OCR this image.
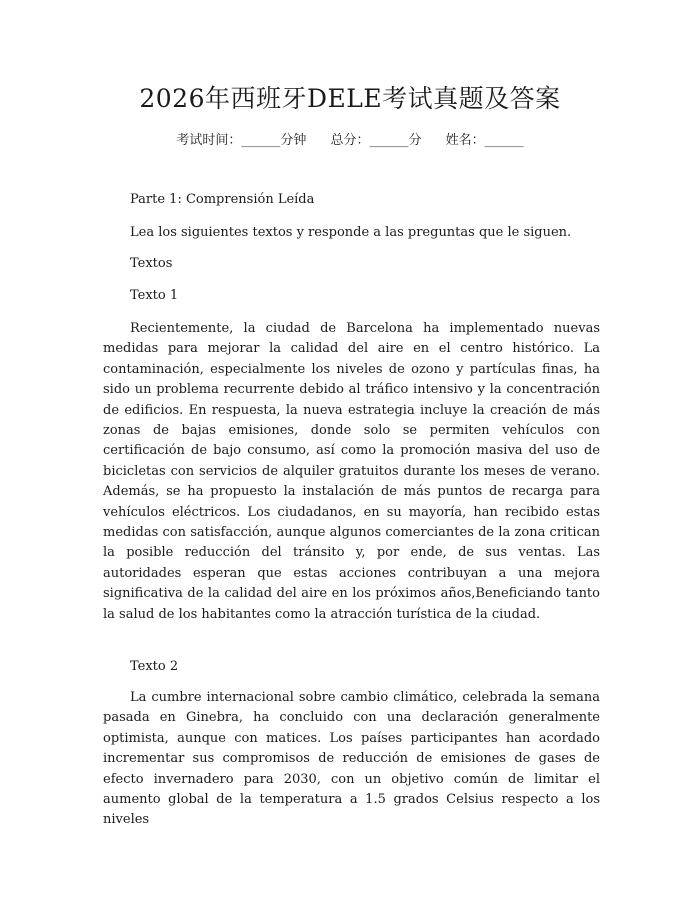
2026年西班牙DELE考试真题及答案
考试时间：______分钟 总分：______分 姓名：______
Parte 1: Comprensión Leída
Lea los siguientes textos y responde a las preguntas que le siguen.
Textos
Texto 1
Recientemente, la ciudad de Barcelona ha implementado nuevas medidas para mejorar la calidad del aire en el centro histórico. La contaminación, especialmente los niveles de ozono y partículas finas, ha sido un problema recurrente debido al tráfico intensivo y la concentración de edificios. En respuesta, la nueva estrategia incluye la creación de más zonas de bajas emisiones, donde solo se permiten vehículos con certificación de bajo consumo, así como la promoción masiva del uso de bicicletas con servicios de alquiler gratuitos durante los meses de verano. Además, se ha propuesto la instalación de más puntos de recarga para vehículos eléctricos. Los ciudadanos, en su mayoría, han recibido estas medidas con satisfacción, aunque algunos comerciantes de la zona critican la posible reducción del tránsito y, por ende, de sus ventas. Las autoridades esperan que estas acciones contribuyan a una mejora significativa de la calidad del aire en los próximos años,Beneficiando tanto la salud de los habitantes como la atracción turística de la ciudad.
Texto 2
La cumbre internacional sobre cambio climático, celebrada la semana pasada en Ginebra, ha concluido con una declaración generalmente optimista, aunque con matices. Los países participantes han acordado incrementar sus compromisos de reducción de emisiones de gases de efecto invernadero para 2030, con un objetivo común de limitar el aumento global de la temperatura a 1.5 grados Celsius respecto a los niveles
